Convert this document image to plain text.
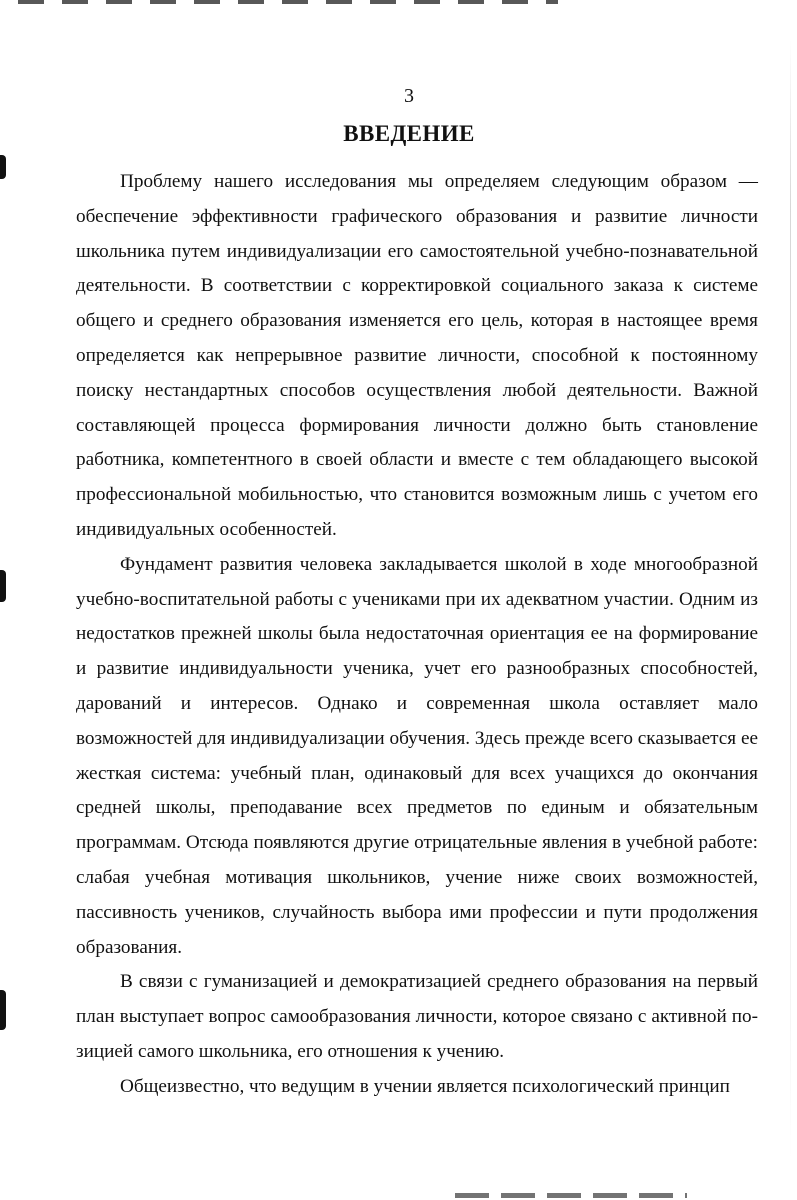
3
ВВЕДЕНИЕ

Проблему нашего исследования мы определяем следующим образом — обеспечение эффективности графического образования и развитие личности школьника путем индивидуализации его самостоятельной учебно-познавательной деятельности. В соответствии с корректировкой социального заказа к системе общего и среднего образования изменяется его цель, которая в настоящее время определяется как непрерывное развитие личности, способной к постоянному поиску нестандартных способов осуществления любой деятельности. Важной составляющей процесса формирования личности должно быть становление работника, компетентного в своей области и вместе с тем обладающего высокой профессиональной мобильностью, что становится возможным лишь с учетом его индивидуальных особенностей.

Фундамент развития человека закладывается школой в ходе многообразной учебно-воспитательной работы с учениками при их адекватном участии. Одним из недостатков прежней школы была недостаточная ориентация ее на формирование и развитие индивидуальности ученика, учет его разнообразных способностей, дарований и интересов. Однако и современная школа оставляет мало возможностей для индивидуализации обучения. Здесь прежде всего сказывается ее жесткая система: учебный план, одинаковый для всех учащихся до окончания средней школы, преподавание всех предметов по единым и обязательным программам. Отсюда появляются другие отрицательные явления в учебной работе: слабая учебная мотивация школьников, учение ниже своих возможностей, пассивность учеников, случайность выбора ими профессии и пути продолжения образования.

В связи с гуманизацией и демократизацией среднего образования на первый план выступает вопрос самообразования личности, которое связано с активной позицией самого школьника, его отношения к учению.

Общеизвестно, что ведущим в учении является психологический принцип
